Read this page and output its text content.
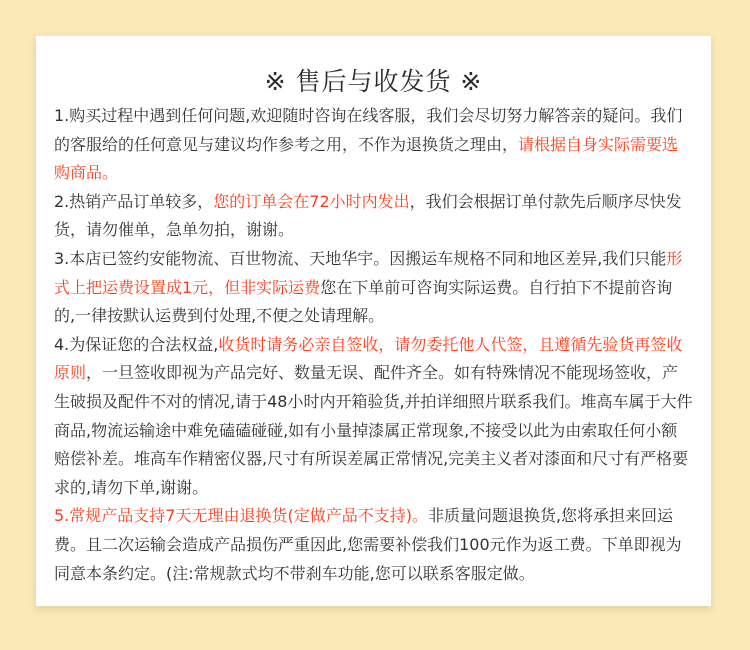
※ 售后与收发货 ※

1.购买过程中遇到任何问题,欢迎随时咨询在线客服，我们会尽切努力解答亲的疑问。我们的客服给的任何意见与建议均作参考之用，不作为退换货之理由，请根据自身实际需要选购商品。

2.热销产品订单较多，您的订单会在72小时内发出，我们会根据订单付款先后顺序尽快发货，请勿催单，急单勿拍，谢谢。

3.本店已签约安能物流、百世物流、天地华宇。因搬运车规格不同和地区差异,我们只能形式上把运费设置成1元，但非实际运费您在下单前可咨询实际运费。自行拍下不提前咨询的,一律按默认运费到付处理,不便之处请理解。

4.为保证您的合法权益,收货时请务必亲自签收，请勿委托他人代签，且遵循先验货再签收原则，一旦签收即视为产品完好、数量无误、配件齐全。如有特殊情况不能现场签收，产生破损及配件不对的情况,请于48小时内开箱验货,并拍详细照片联系我们。堆高车属于大件商品,物流运输途中难免磕磕碰碰,如有小量掉漆属正常现象,不接受以此为由索取任何小额赔偿补差。堆高车作精密仪器,尺寸有所误差属正常情况,完美主义者对漆面和尺寸有严格要求的,请勿下单,谢谢。

5.常规产品支持7天无理由退换货(定做产品不支持)。非质量问题退换货,您将承担来回运费。且二次运输会造成产品损伤严重因此,您需要补偿我们100元作为返工费。下单即视为同意本条约定。(注:常规款式均不带刹车功能,您可以联系客服定做。
